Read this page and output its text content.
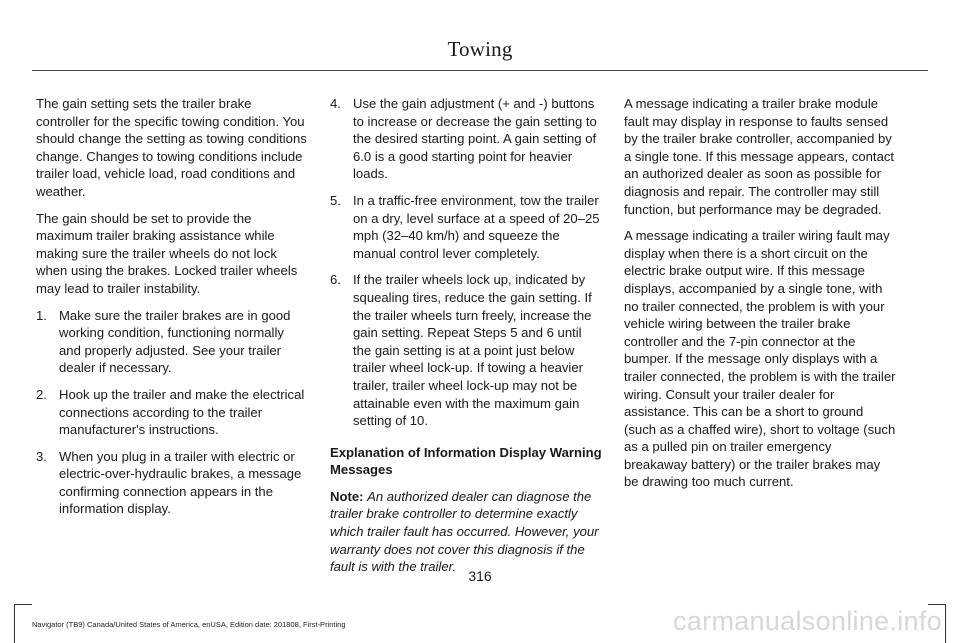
Towing

The gain setting sets the trailer brake controller for the specific towing condition. You should change the setting as towing conditions change. Changes to towing conditions include trailer load, vehicle load, road conditions and weather.

The gain should be set to provide the maximum trailer braking assistance while making sure the trailer wheels do not lock when using the brakes. Locked trailer wheels may lead to trailer instability.

1. Make sure the trailer brakes are in good working condition, functioning normally and properly adjusted. See your trailer dealer if necessary.
2. Hook up the trailer and make the electrical connections according to the trailer manufacturer's instructions.
3. When you plug in a trailer with electric or electric-over-hydraulic brakes, a message confirming connection appears in the information display.
4. Use the gain adjustment (+ and -) buttons to increase or decrease the gain setting to the desired starting point. A gain setting of 6.0 is a good starting point for heavier loads.
5. In a traffic-free environment, tow the trailer on a dry, level surface at a speed of 20–25 mph (32–40 km/h) and squeeze the manual control lever completely.
6. If the trailer wheels lock up, indicated by squealing tires, reduce the gain setting. If the trailer wheels turn freely, increase the gain setting. Repeat Steps 5 and 6 until the gain setting is at a point just below trailer wheel lock-up. If towing a heavier trailer, trailer wheel lock-up may not be attainable even with the maximum gain setting of 10.

Explanation of Information Display Warning Messages

Note: An authorized dealer can diagnose the trailer brake controller to determine exactly which trailer fault has occurred. However, your warranty does not cover this diagnosis if the fault is with the trailer.

A message indicating a trailer brake module fault may display in response to faults sensed by the trailer brake controller, accompanied by a single tone. If this message appears, contact an authorized dealer as soon as possible for diagnosis and repair. The controller may still function, but performance may be degraded.

A message indicating a trailer wiring fault may display when there is a short circuit on the electric brake output wire. If this message displays, accompanied by a single tone, with no trailer connected, the problem is with your vehicle wiring between the trailer brake controller and the 7-pin connector at the bumper. If the message only displays with a trailer connected, the problem is with the trailer wiring. Consult your trailer dealer for assistance. This can be a short to ground (such as a chaffed wire), short to voltage (such as a pulled pin on trailer emergency breakaway battery) or the trailer brakes may be drawing too much current.

316
Navigator (TB9) Canada/United States of America, enUSA, Edition date: 201808, First-Printing	carmanualsonline.info
